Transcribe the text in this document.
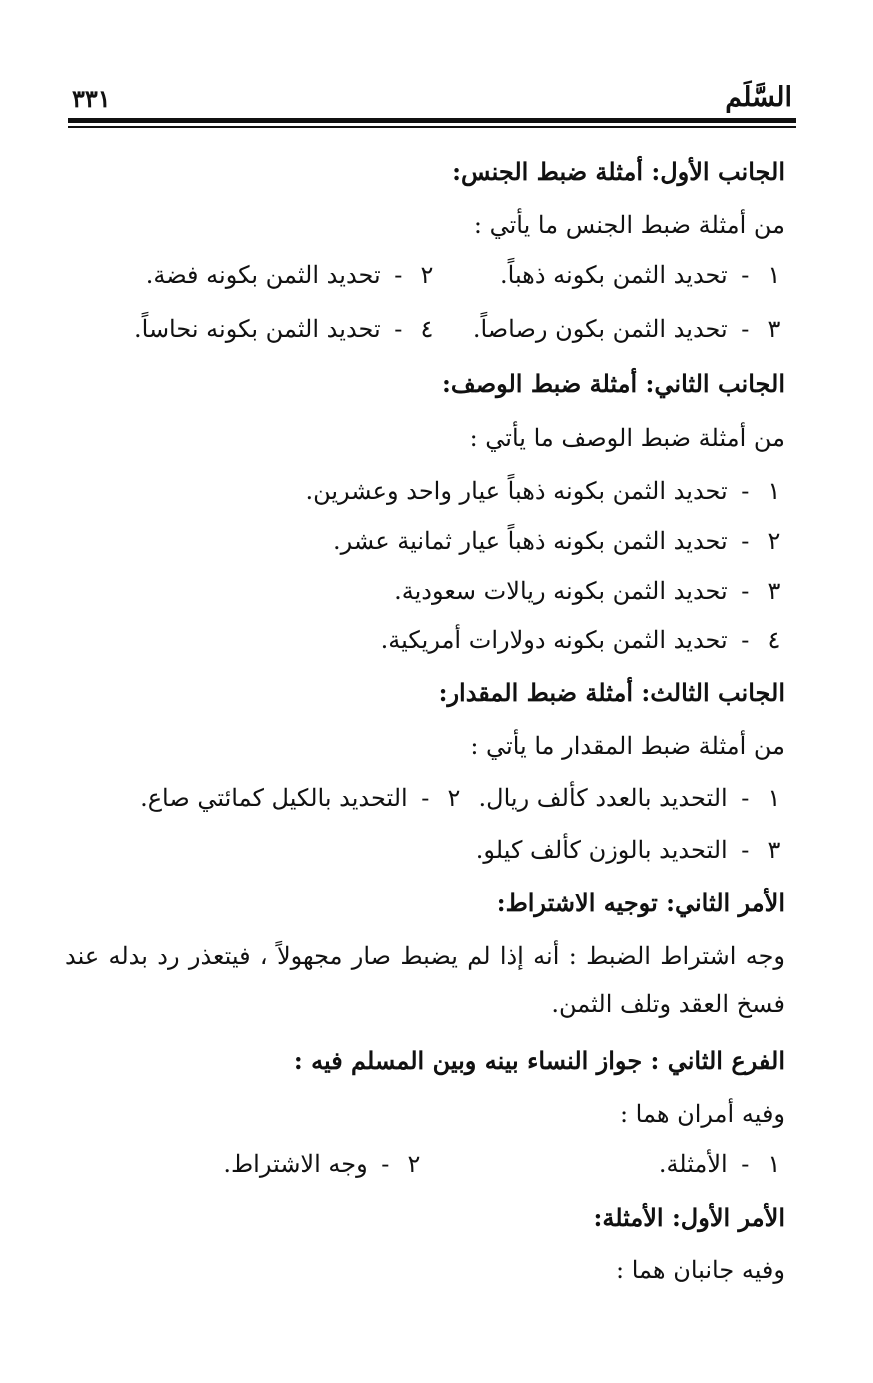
السَّلَم
٣٣١
الجانب الأول: أمثلة ضبط الجنس:
من أمثلة ضبط الجنس ما يأتي :
١ - تحديد الثمن بكونه ذهباً.
٢ - تحديد الثمن بكونه فضة.
٣ - تحديد الثمن بكون رصاصاً.
٤ - تحديد الثمن بكونه نحاساً.
الجانب الثاني: أمثلة ضبط الوصف:
من أمثلة ضبط الوصف ما يأتي :
١ - تحديد الثمن بكونه ذهباً عيار واحد وعشرين.
٢ - تحديد الثمن بكونه ذهباً عيار ثمانية عشر.
٣ - تحديد الثمن بكونه ريالات سعودية.
٤ - تحديد الثمن بكونه دولارات أمريكية.
الجانب الثالث: أمثلة ضبط المقدار:
من أمثلة ضبط المقدار ما يأتي :
١ - التحديد بالعدد كألف ريال.
٢ - التحديد بالكيل كمائتي صاع.
٣ - التحديد بالوزن كألف كيلو.
الأمر الثاني: توجيه الاشتراط:
وجه اشتراط الضبط : أنه إذا لم يضبط صار مجهولاً ، فيتعذر رد بدله عند فسخ العقد وتلف الثمن.
الفرع الثاني : جواز النساء بينه وبين المسلم فيه :
وفيه أمران هما :
١ - الأمثلة.
٢ - وجه الاشتراط.
الأمر الأول: الأمثلة:
وفيه جانبان هما :
